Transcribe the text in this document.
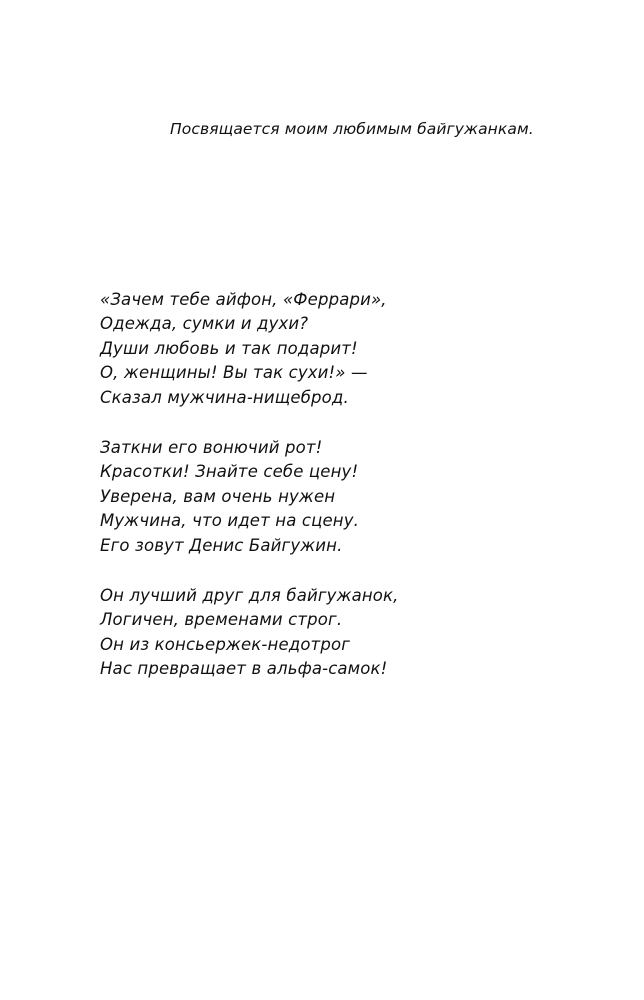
Посвящается моим любимым байгужанкам.
«Зачем тебе айфон, «Феррари»,
Одежда, сумки и духи?
Души любовь и так подарит!
О, женщины! Вы так сухи!» —
Сказал мужчина-нищеброд.
Заткни его вонючий рот!
Красотки! Знайте себе цену!
Уверена, вам очень нужен
Мужчина, что идет на сцену.
Его зовут Денис Байгужин.
Он лучший друг для байгужанок,
Логичен, временами строг.
Он из консьержек-недотрог
Нас превращает в альфа-самок!
